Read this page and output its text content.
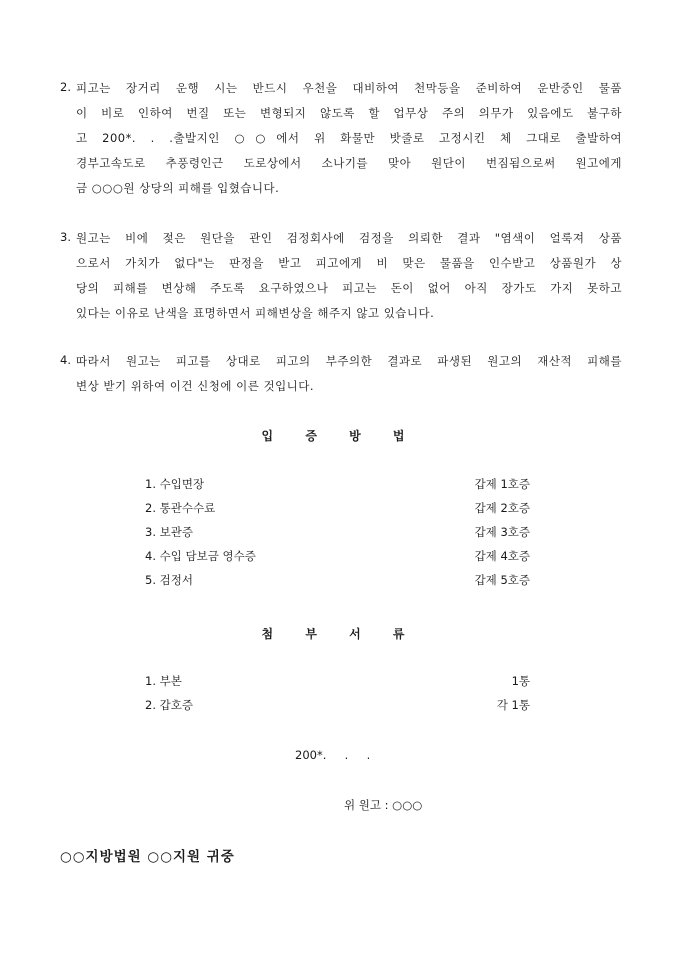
2. 피고는 장거리 운행 시는 반드시 우천을 대비하여 천막등을 준비하여 운반중인 물품
이 비로 인하여 번질 또는 변형되지 않도록 할 업무상 주의 의무가 있음에도 불구하
고 200*. . .출발지인 ○○에서 위 화물만 밧줄로 고정시킨 체 그대로 출발하여
경부고속도로 추풍령인근 도로상에서 소나기를 맞아 원단이 번짐됨으로써 원고에게
금 ○○○원 상당의 피해를 입혔습니다.
3. 원고는 비에 젖은 원단을 관인 검정회사에 검정을 의뢰한 결과 "염색이 얼룩져 상품
으로서 가치가 없다"는 판정을 받고 피고에게 비 맞은 물품을 인수받고 상품원가 상
당의 피해를 변상해 주도록 요구하였으나 피고는 돈이 없어 아직 장가도 가지 못하고
있다는 이유로 난색을 표명하면서 피해변상을 해주지 않고 있습니다.
4. 따라서 원고는 피고를 상대로 피고의 부주의한 결과로 파생된 원고의 재산적 피해를
변상 받기 위하여 이건 신청에 이른 것입니다.
입 증 방 법
1. 수입면장	갑제 1호증
2. 통관수수료	갑제 2호증
3. 보관증	갑제 3호증
4. 수입 담보금 영수증	갑제 4호증
5. 검정서	갑제 5호증
첨 부 서 류
1. 부본	1통
2. 갑호증	각 1통
200*.     .     .
위 원고 : ○○○
○○지방법원 ○○지원 귀중
